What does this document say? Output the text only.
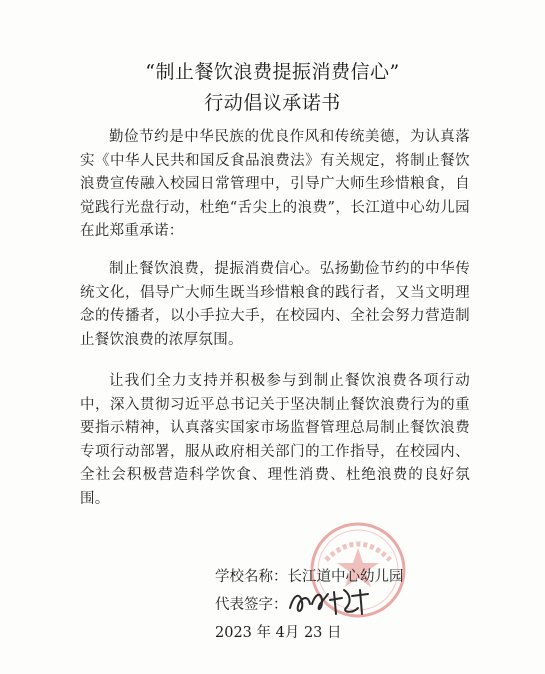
“制止餐饮浪费提振消费信心”
行动倡议承诺书

勤俭节约是中华民族的优良作风和传统美德，为认真落实《中华人民共和国反食品浪费法》有关规定，将制止餐饮浪费宣传融入校园日常管理中，引导广大师生珍惜粮食，自觉践行光盘行动，杜绝“舌尖上的浪费”，长江道中心幼儿园在此郑重承诺：

制止餐饮浪费，提振消费信心。弘扬勤俭节约的中华传统文化，倡导广大师生既当珍惜粮食的践行者，又当文明理念的传播者，以小手拉大手，在校园内、全社会努力营造制止餐饮浪费的浓厚氛围。

让我们全力支持并积极参与到制止餐饮浪费各项行动中，深入贯彻习近平总书记关于坚决制止餐饮浪费行为的重要指示精神，认真落实国家市场监督管理总局制止餐饮浪费专项行动部署，服从政府相关部门的工作指导，在校园内、全社会积极营造科学饮食、理性消费、杜绝浪费的良好氛围。

学校名称：长江道中心幼儿园
代表签字：
2023 年 4月 23 日
